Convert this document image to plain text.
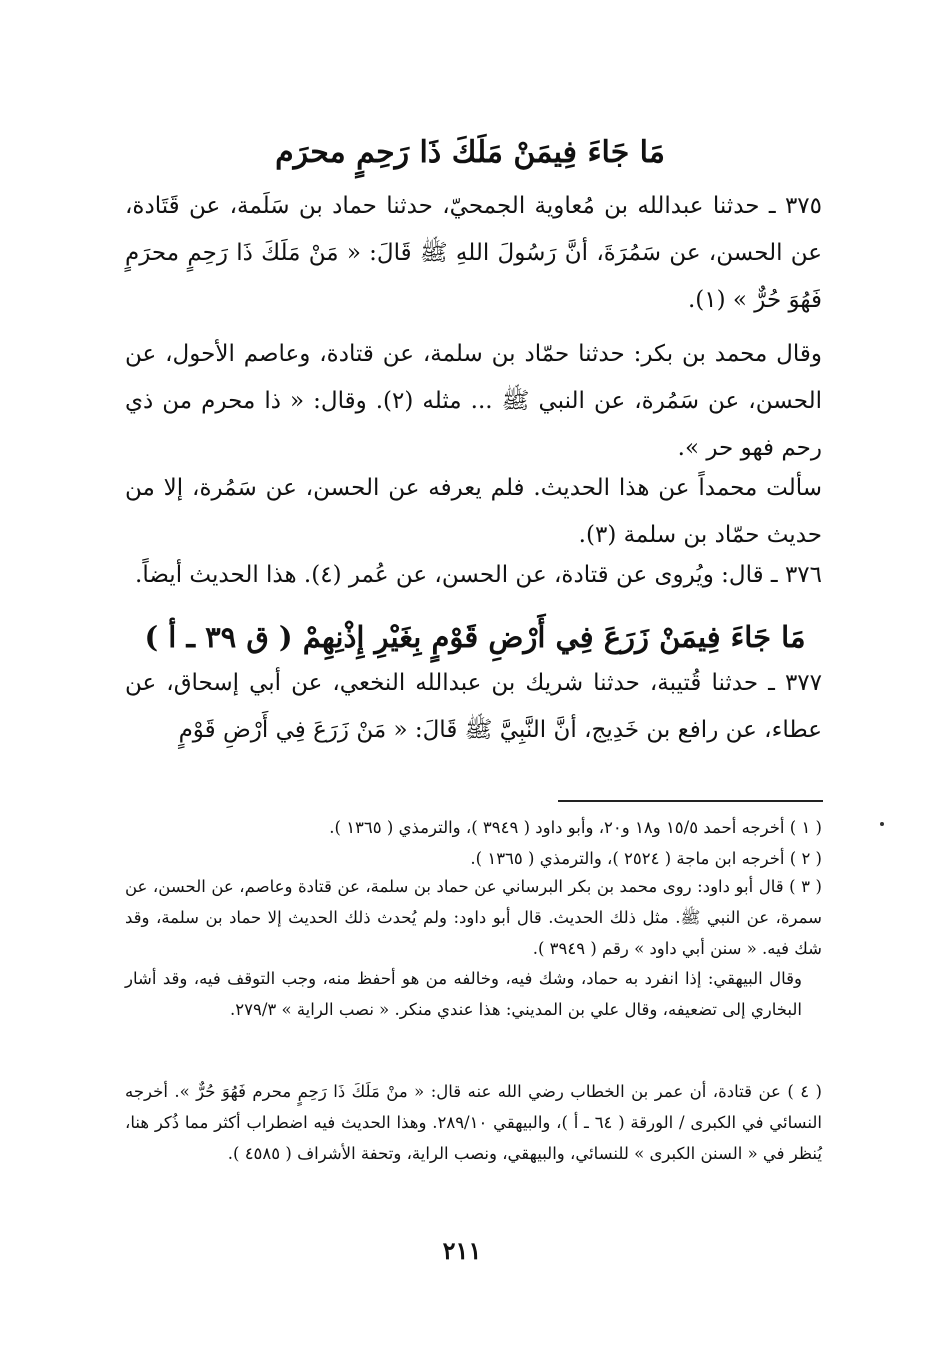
مَا جَاءَ فِيمَنْ مَلَكَ ذَا رَحِمٍ محرَم

٣٧٥ ـ حدثنا عبدالله بن مُعاوية الجمحيّ، حدثنا حماد بن سَلَمة، عن قَتَادة، عن الحسن، عن سَمُرَةَ، أنَّ رَسُولَ اللهِ ﷺ قَالَ: « مَنْ مَلَكَ ذَا رَحِمٍ محرَمٍ فَهُوَ حُرٌّ » (١).

وقال محمد بن بكر: حدثنا حمّاد بن سلمة، عن قتادة، وعاصم الأحول، عن الحسن، عن سَمُرة، عن النبي ﷺ ... مثله (٢). وقال: « ذا محرم من ذي رحم فهو حر ».

سألت محمداً عن هذا الحديث. فلم يعرفه عن الحسن، عن سَمُرة، إلا من حديث حمّاد بن سلمة (٣).

٣٧٦ ـ قال: ويُروى عن قتادة، عن الحسن، عن عُمر (٤). هذا الحديث أيضاً.

مَا جَاءَ فِيمَنْ زَرَعَ فِي أَرْضِ قَوْمٍ بِغَيْرِ إِذْنِهِمْ ( ق ٣٩ ـ أ )

٣٧٧ ـ حدثنا قُتيبة، حدثنا شريك بن عبدالله النخعي، عن أبي إسحاق، عن عطاء، عن رافع بن خَدِيج، أنَّ النَّبِيَّ ﷺ قَالَ: « مَنْ زَرَعَ فِي أَرْضِ قَوْمٍ

( ١ ) أخرجه أحمد ١٥/٥ و١٨ و٢٠، وأبو داود ( ٣٩٤٩ )، والترمذي ( ١٣٦٥ ).

( ٢ ) أخرجه ابن ماجة ( ٢٥٢٤ )، والترمذي ( ١٣٦٥ ).

( ٣ ) قال أبو داود: روى محمد بن بكر البرساني عن حماد بن سلمة، عن قتادة وعاصم، عن الحسن، عن سمرة، عن النبي ﷺ. مثل ذلك الحديث. قال أبو داود: ولم يُحدث ذلك الحديث إلا حماد بن سلمة، وقد شك فيه. « سنن أبي داود » رقم ( ٣٩٤٩ ).

وقال البيهقي: إذا انفرد به حماد، وشك فيه، وخالفه من هو أحفظ منه، وجب التوقف فيه، وقد أشار البخاري إلى تضعيفه، وقال علي بن المديني: هذا عندي منكر. « نصب الراية » ٢٧٩/٣.

( ٤ ) عن قتادة، أن عمر بن الخطاب رضي الله عنه قال: « منْ مَلَكَ ذَا رَحِمٍ محرم فَهُوَ حُرٌّ ». أخرجه النسائي في الكبرى / الورقة ( ٦٤ ـ أ )، والبيهقي ٢٨٩/١٠. وهذا الحديث فيه اضطراب أكثر مما ذُكر هنا، يُنظر في « السنن الكبرى » للنسائي، والبيهقي، ونصب الراية، وتحفة الأشراف ( ٤٥٨٥ ).

٢١١
